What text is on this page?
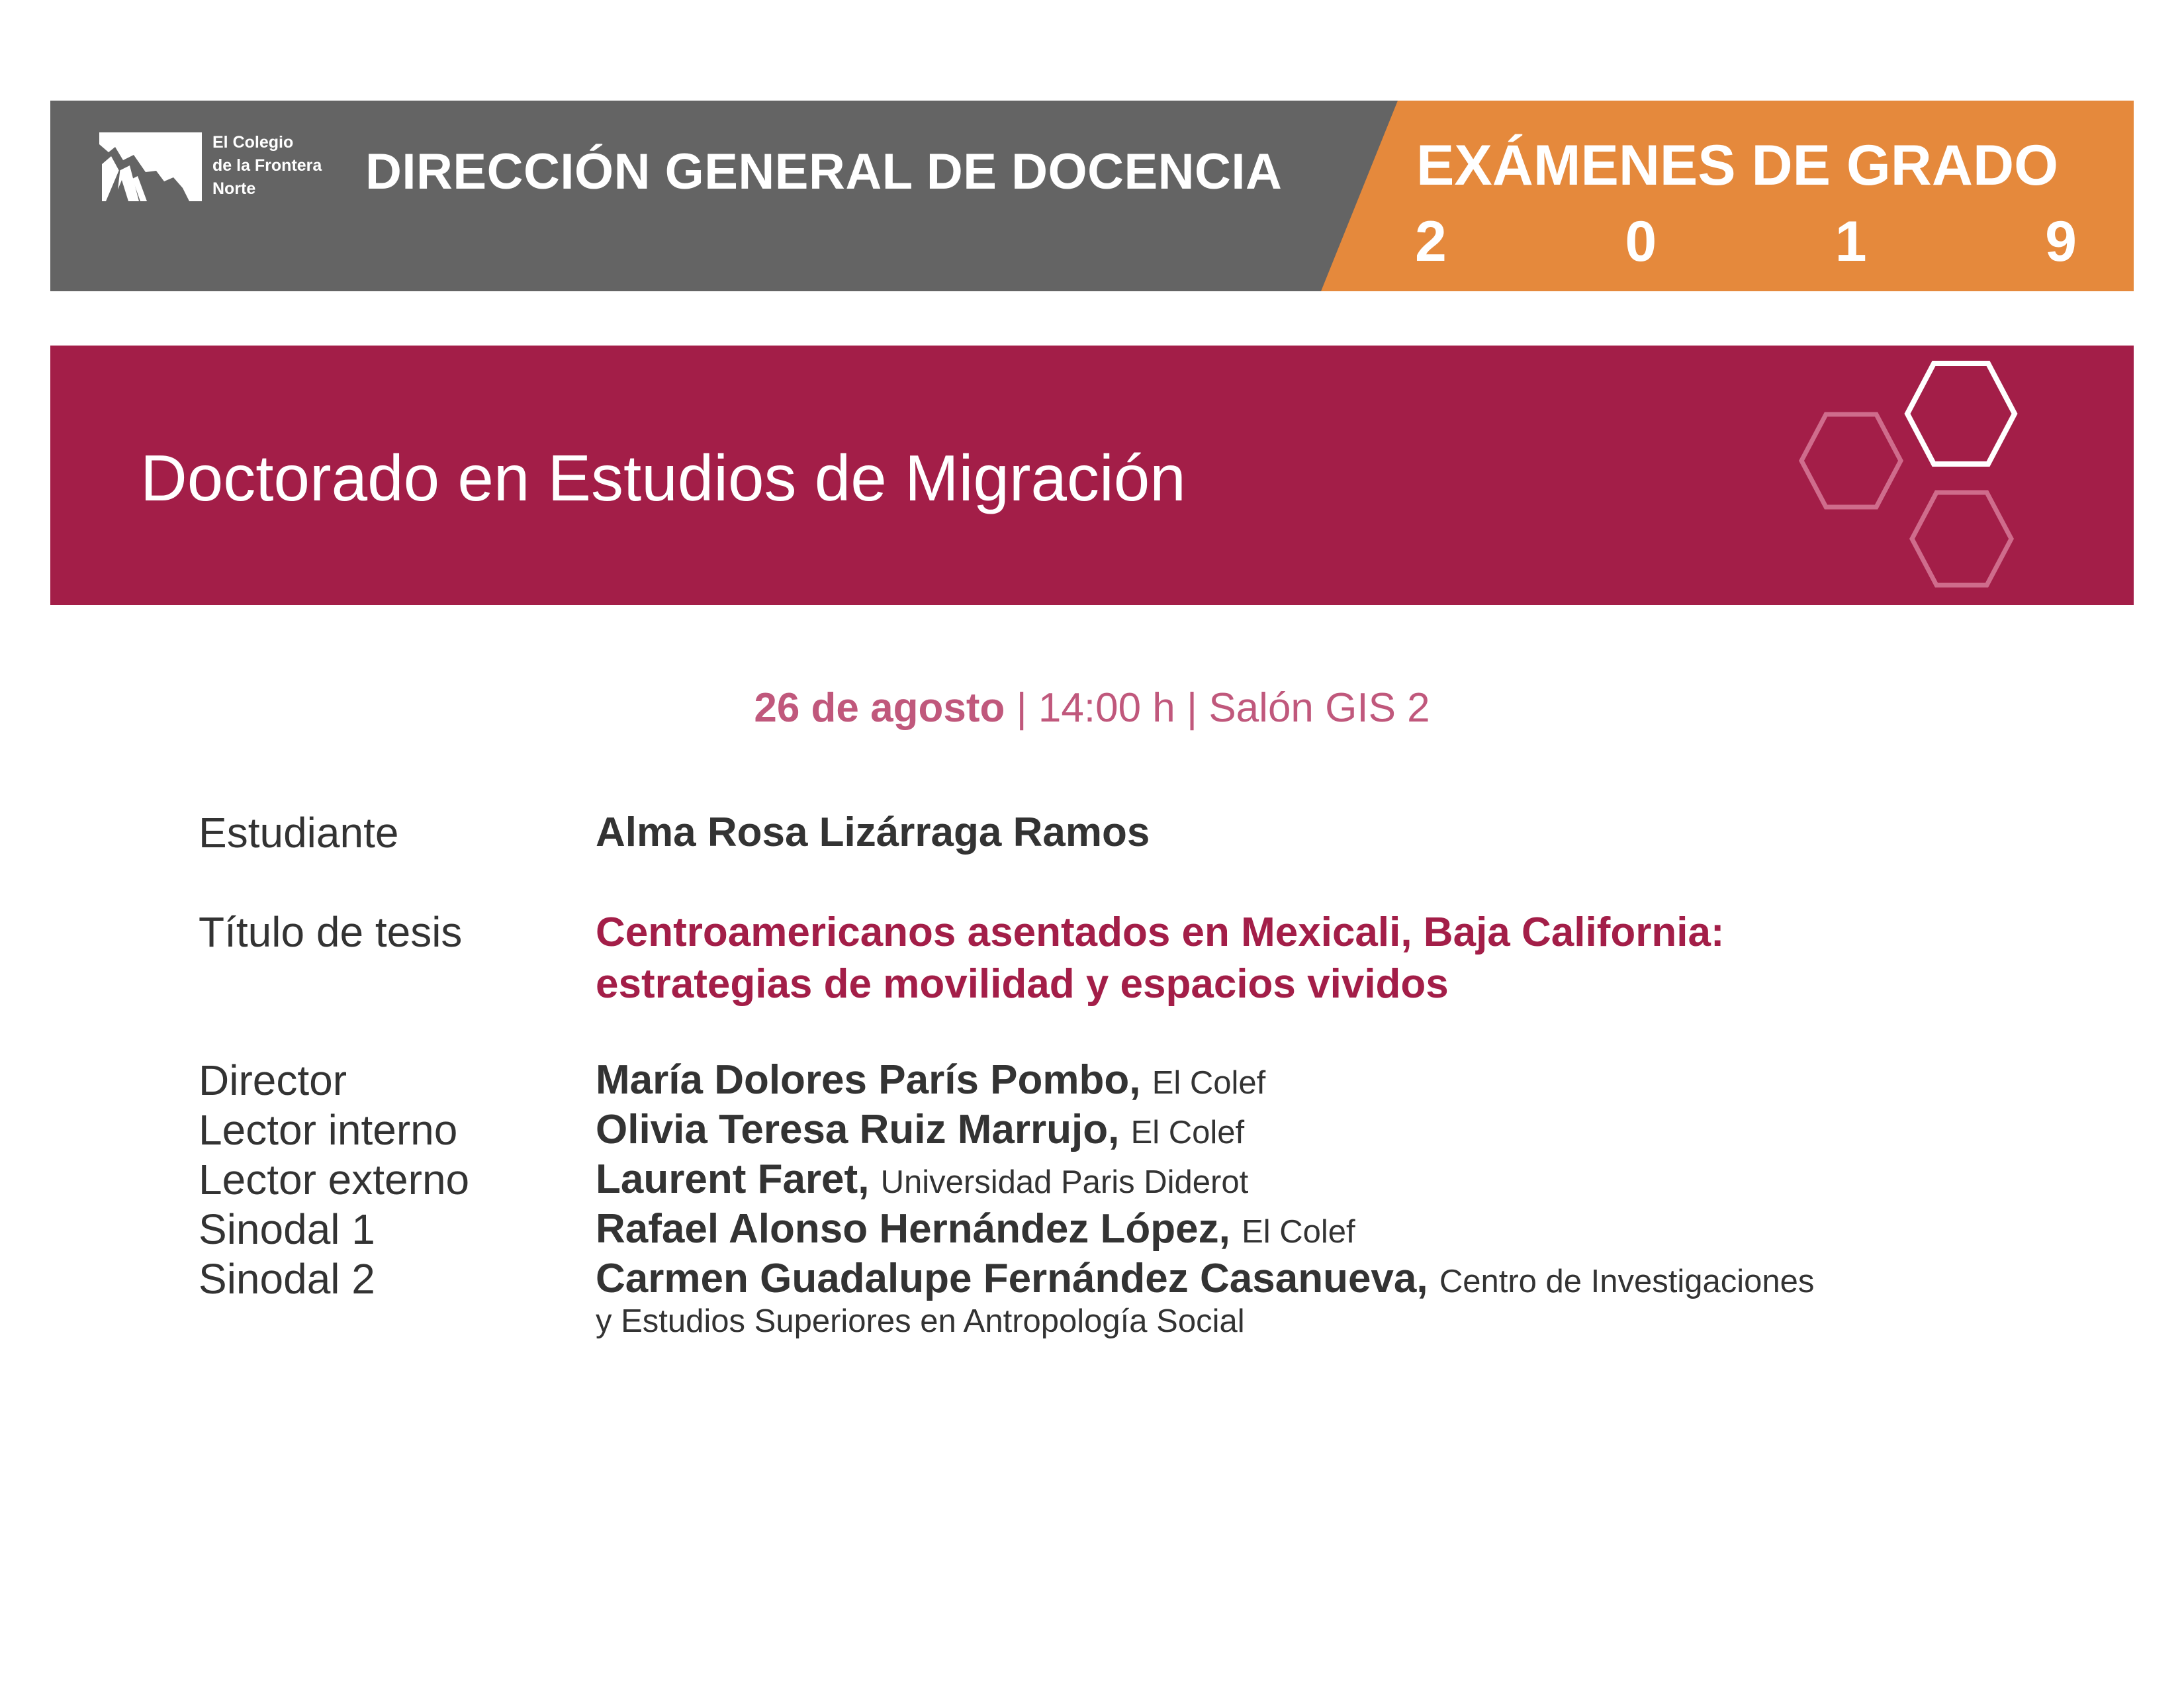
El Colegio
de la Frontera
Norte	DIRECCIÓN GENERAL DE DOCENCIA EXÁMENES DE GRADO
2	0	1	9
Doctorado en Estudios de Migración
26 de agosto | 14:00 h | Salón GIS 2
Estudiante	Alma Rosa Lizárraga Ramos
Título de tesis	Centroamericanos asentados en Mexicali, Baja California:
estrategias de movilidad y espacios vividos
Director	María Dolores París Pombo, El Colef
Lector interno	Olivia Teresa Ruiz Marrujo, El Colef
Lector externo	Laurent Faret, Universidad Paris Diderot
Sinodal 1	Rafael Alonso Hernández López, El Colef
Sinodal 2	Carmen Guadalupe Fernández Casanueva, Centro de Investigaciones
y Estudios Superiores en Antropología Social
